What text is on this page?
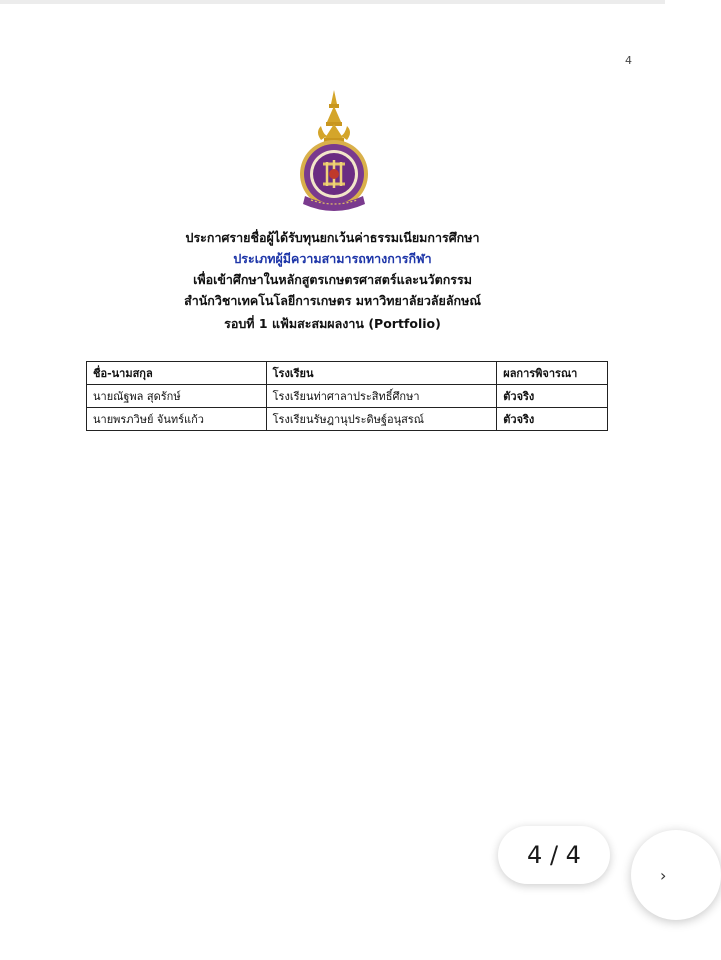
4
ประกาศรายชื่อผู้ได้รับทุนยกเว้นค่าธรรมเนียมการศึกษา
ประเภทผู้มีความสามารถทางการกีฬา
เพื่อเข้าศึกษาในหลักสูตรเกษตรศาสตร์และนวัตกรรม
สำนักวิชาเทคโนโลยีการเกษตร มหาวิทยาลัยวลัยลักษณ์
รอบที่ 1 แฟ้มสะสมผลงาน (Portfolio)
ชื่อ-นามสกุล	โรงเรียน	ผลการพิจารณา
นายณัฐพล สุดรักษ์	โรงเรียนท่าศาลาประสิทธิ์ศึกษา	ตัวจริง
นายพรภวิษย์ จันทร์แก้ว	โรงเรียนรัษฎานุประดิษฐ์อนุสรณ์	ตัวจริง
4 / 4
›
